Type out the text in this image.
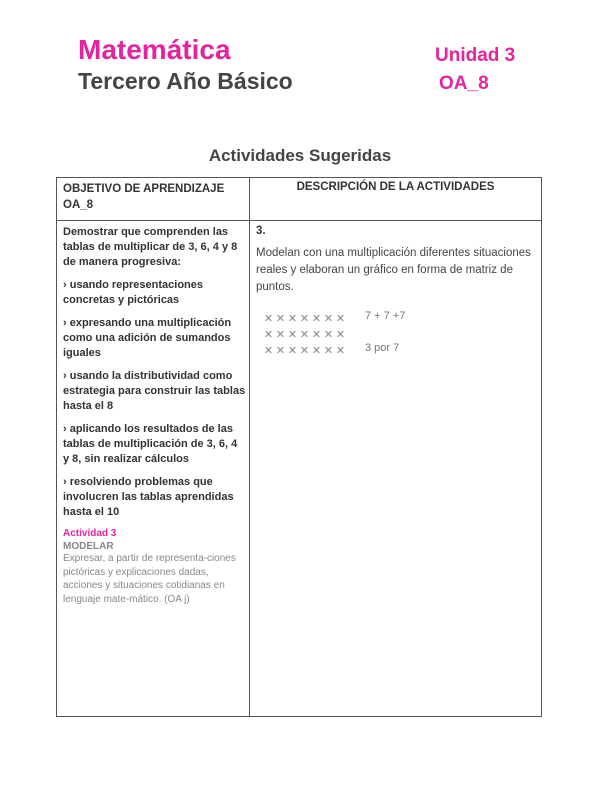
Matemática
Tercero Año Básico
Unidad 3
OA_8
Actividades Sugeridas
OBJETIVO DE APRENDIZAJE OA_8
DESCRIPCIÓN DE LA ACTIVIDADES

Demostrar que comprenden las tablas de multiplicar de 3, 6, 4 y 8 de manera progresiva:

› usando representaciones concretas y pictóricas

› expresando una multiplicación como una adición de sumandos iguales

› usando la distributividad como estrategia para construir las tablas hasta el 8

› aplicando los resultados de las tablas de multiplicación de 3, 6, 4 y 8, sin realizar cálculos

› resolviendo problemas que involucren las tablas aprendidas hasta el 10

Actividad 3
MODELAR
Expresar, a partir de representa-ciones pictóricas y explicaciones dadas, acciones y situaciones cotidianas en lenguaje mate-mático. (OA j)
3.
Modelan con una multiplicación diferentes situaciones reales y elaboran un gráfico en forma de matriz de puntos.
✕ ✕ ✕ ✕ ✕ ✕ ✕
✕ ✕ ✕ ✕ ✕ ✕ ✕
✕ ✕ ✕ ✕ ✕ ✕ ✕
7 + 7 +7
3 por 7
